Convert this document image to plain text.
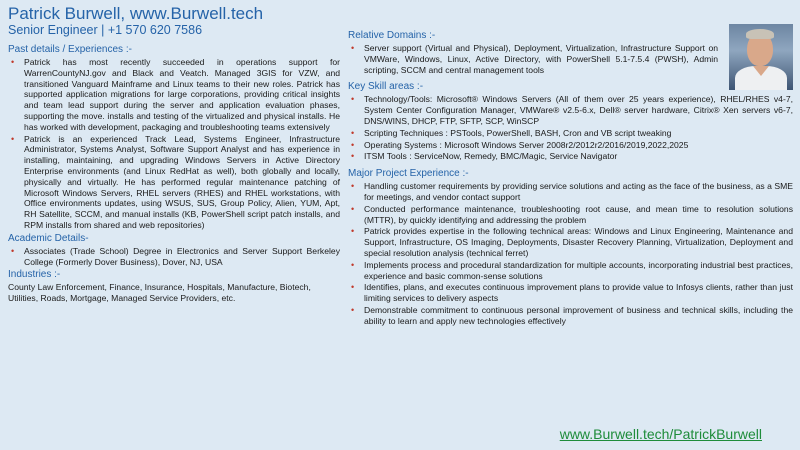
Patrick Burwell, www.Burwell.tech
Senior Engineer | +1 570 620 7586
Past details / Experiences :-
• Patrick has most recently succeeded in operations support for WarrenCountyNJ.gov and Black and Veatch. Managed 3GIS for VZW, and transitioned Vanguard Mainframe and Linux teams to their new roles. Patrick has supported application migrations for large corporations, providing critical insights and team lead support during the server and application evaluation phases, supporting the move. installs and testing of the virtualized and physical installs. He has worked with development, packaging and troubleshooting teams extensively
• Patrick is an experienced Track Lead, Systems Engineer, Infrastructure Administrator, Systems Analyst, Software Support Analyst and has experience in installing, maintaining, and upgrading Windows Servers in Active Directory Enterprise environments (and Linux RedHat as well), both globally and locally, physically and virtually. He has performed regular maintenance patching of Microsoft Windows Servers, RHEL servers (RHES) and RHEL workstations, with Office environments updates, using WSUS, SUS, Group Policy, Alien, YUM, Apt, RH Satellite, SCCM, and manual installs (KB, PowerShell script patch installs, and RPM installs from shared and web repositories)
Academic Details-
• Associates (Trade School) Degree in Electronics and Server Support Berkeley College (Formerly Dover Business), Dover, NJ, USA
Industries :-

County Law Enforcement, Finance, Insurance, Hospitals, Manufacture, Biotech, Utilities, Roads, Mortgage, Managed Service Providers, etc.

Relative Domains :-
• Server support (Virtual and Physical), Deployment, Virtualization, Infrastructure Support on VMWare, Windows, Linux, Active Directory, with PowerShell 5.1-7.5.4 (PWSH), Admin scripting, SCCM and central management tools
Key Skill areas :-
• Technology/Tools: Microsoft® Windows Servers (All of them over 25 years experience), RHEL/RHES v4-7, System Center Configuration Manager, VMWare® v2.5-6.x, Dell® server hardware, Citrix® Xen servers v6-7, DNS/WINS, DHCP, FTP, SFTP, SCP, WinSCP
• Scripting Techniques : PSTools, PowerShell, BASH, Cron and VB script tweaking
• Operating Systems : Microsoft Windows Server 2008r2/2012r2/2016/2019,2022,2025
• ITSM Tools : ServiceNow, Remedy, BMC/Magic, Service Navigator
Major Project Experience :-
• Handling customer requirements by providing service solutions and acting as the face of the business, as a SME for meetings, and vendor contact support
• Conducted performance maintenance, troubleshooting root cause, and mean time to resolution solutions (MTTR), by quickly identifying and addressing the problem
• Patrick provides expertise in the following technical areas: Windows and Linux Engineering, Maintenance and Support, Infrastructure, OS Imaging, Deployments, Disaster Recovery Planning, Virtualization, Deployment and special resolution analysis (technical ferret)
• Implements process and procedural standardization for multiple accounts, incorporating industrial best practices, experience and basic common-sense solutions
• Identifies, plans, and executes continuous improvement plans to provide value to Infosys clients, rather than just limiting services to delivery aspects
• Demonstrable commitment to continuous personal improvement of business and technical skills, including the ability to learn and apply new technologies effectively
www.Burwell.tech/PatrickBurwell
